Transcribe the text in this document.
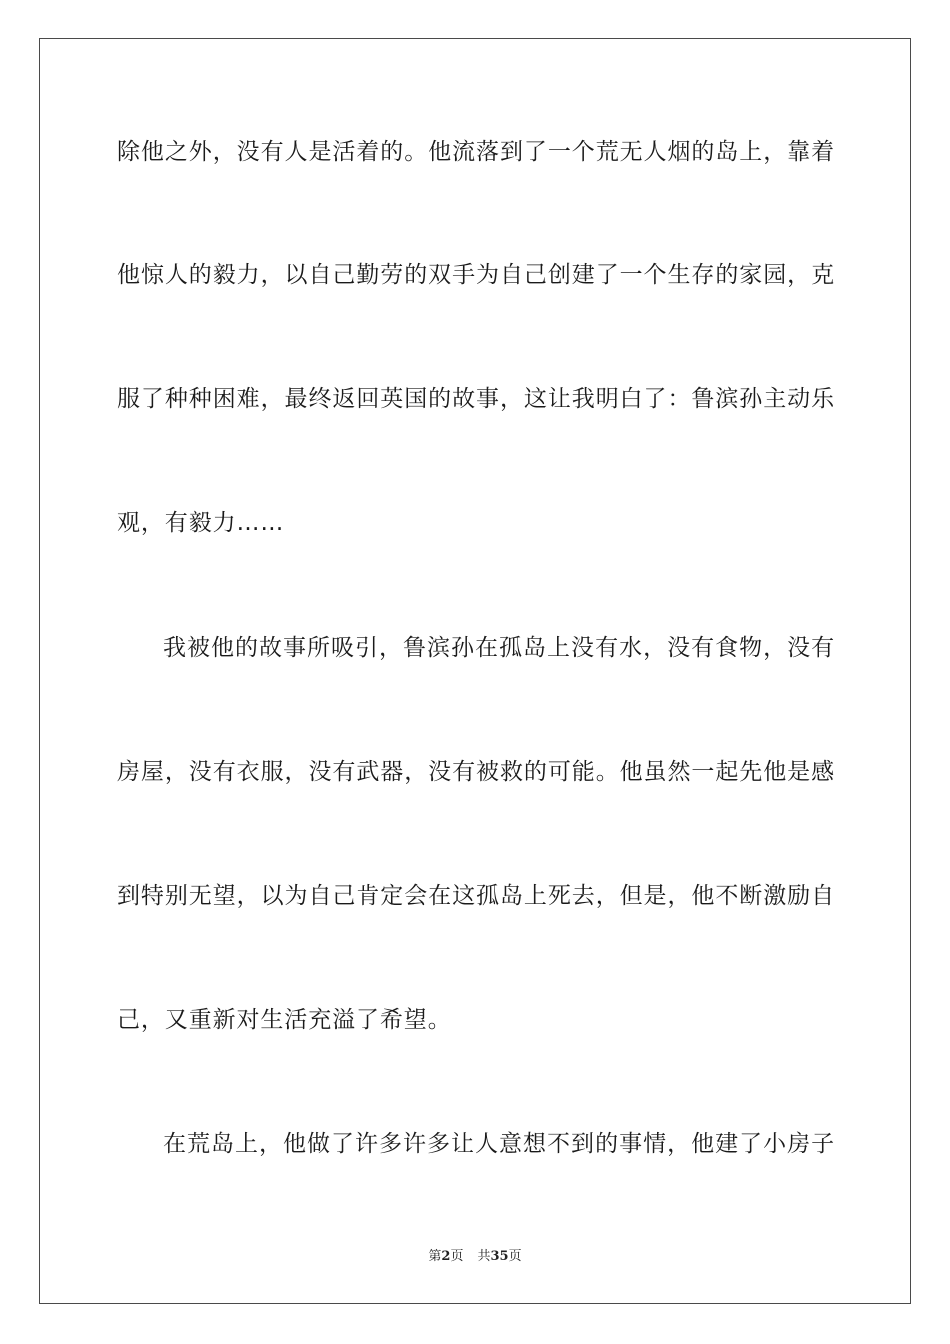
除他之外，没有人是活着的。他流落到了一个荒无人烟的岛上，靠着
他惊人的毅力，以自己勤劳的双手为自己创建了一个生存的家园，克
服了种种困难，最终返回英国的故事，这让我明白了：鲁滨孙主动乐
观，有毅力……
我被他的故事所吸引，鲁滨孙在孤岛上没有水，没有食物，没有
房屋，没有衣服，没有武器，没有被救的可能。他虽然一起先他是感
到特别无望，以为自己肯定会在这孤岛上死去，但是，他不断激励自
己，又重新对生活充溢了希望。
在荒岛上，他做了许多许多让人意想不到的事情，他建了小房子
第2页 共35页
